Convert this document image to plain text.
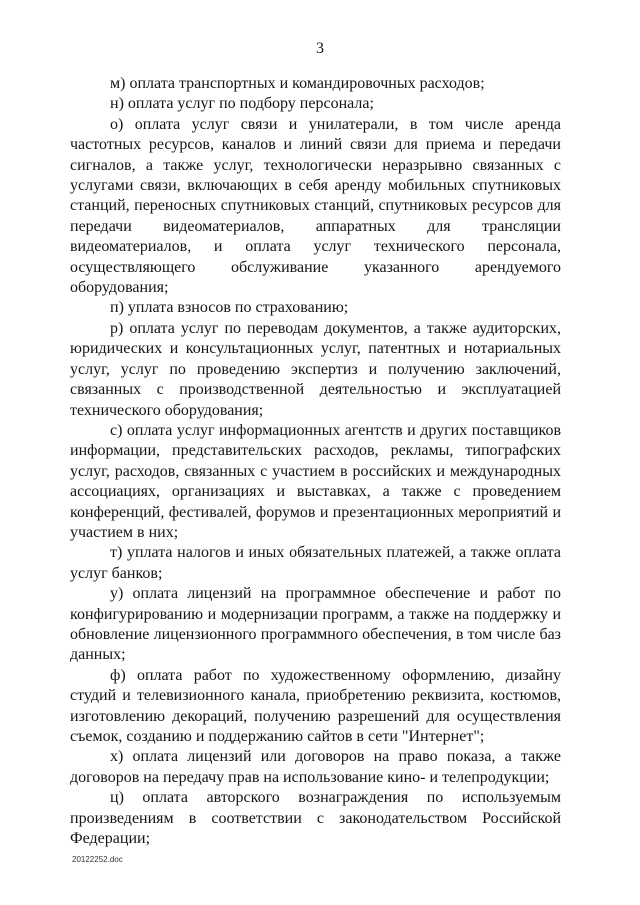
3

м) оплата транспортных и командировочных расходов;

н) оплата услуг по подбору персонала;

о) оплата услуг связи и унилатерали, в том числе аренда частотных ресурсов, каналов и линий связи для приема и передачи сигналов, а также услуг, технологически неразрывно связанных с услугами связи, включающих в себя аренду мобильных спутниковых станций, переносных спутниковых станций, спутниковых ресурсов для передачи видеоматериалов, аппаратных для трансляции видеоматериалов, и оплата услуг технического персонала, осуществляющего обслуживание указанного арендуемого оборудования;

п) уплата взносов по страхованию;

р) оплата услуг по переводам документов, а также аудиторских, юридических и консультационных услуг, патентных и нотариальных услуг, услуг по проведению экспертиз и получению заключений, связанных с производственной деятельностью и эксплуатацией технического оборудования;

с) оплата услуг информационных агентств и других поставщиков информации, представительских расходов, рекламы, типографских услуг, расходов, связанных с участием в российских и международных ассоциациях, организациях и выставках, а также с проведением конференций, фестивалей, форумов и презентационных мероприятий и участием в них;

т) уплата налогов и иных обязательных платежей, а также оплата услуг банков;

у) оплата лицензий на программное обеспечение и работ по конфигурированию и модернизации программ, а также на поддержку и обновление лицензионного программного обеспечения, в том числе баз данных;

ф) оплата работ по художественному оформлению, дизайну студий и телевизионного канала, приобретению реквизита, костюмов, изготовлению декораций, получению разрешений для осуществления съемок, созданию и поддержанию сайтов в сети "Интернет";

х) оплата лицензий или договоров на право показа, а также договоров на передачу прав на использование кино- и телепродукции;

ц) оплата авторского вознаграждения по используемым произведениям в соответствии с законодательством Российской Федерации;

20122252.doc
